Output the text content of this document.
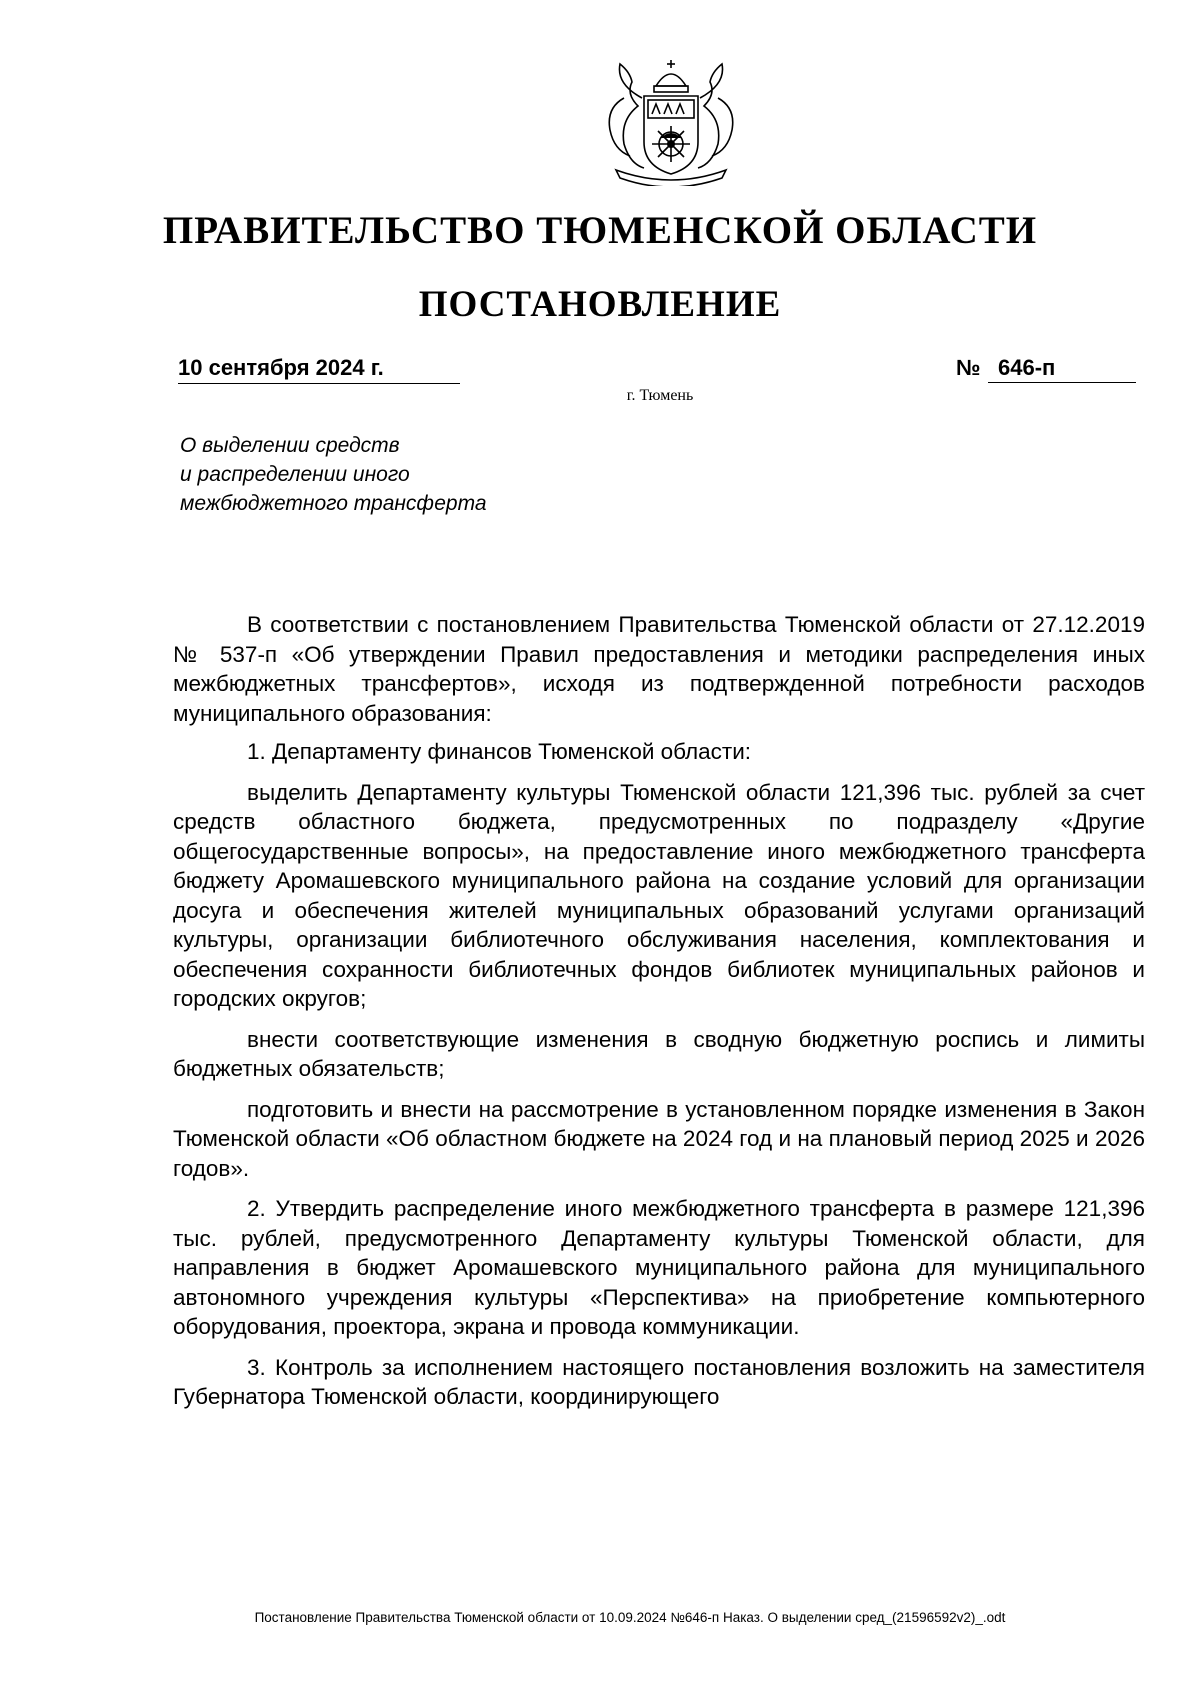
ПРАВИТЕЛЬСТВО ТЮМЕНСКОЙ ОБЛАСТИ
ПОСТАНОВЛЕНИЕ
10 сентября 2024 г.	№ 646-п
г. Тюмень
О выделении средств
и распределении иного
межбюджетного трансферта

В соответствии с постановлением Правительства Тюменской области от 27.12.2019 № 537-п «Об утверждении Правил предоставления и методики распределения иных межбюджетных трансфертов», исходя из подтвержденной потребности расходов муниципального образования:

1. Департаменту финансов Тюменской области:

выделить Департаменту культуры Тюменской области 121,396 тыс. рублей за счет средств областного бюджета, предусмотренных по подразделу «Другие общегосударственные вопросы», на предоставление иного межбюджетного трансферта бюджету Аромашевского муниципального района на создание условий для организации досуга и обеспечения жителей муниципальных образований услугами организаций культуры, организации библиотечного обслуживания населения, комплектования и обеспечения сохранности библиотечных фондов библиотек муниципальных районов и городских округов;

внести соответствующие изменения в сводную бюджетную роспись и лимиты бюджетных обязательств;

подготовить и внести на рассмотрение в установленном порядке изменения в Закон Тюменской области «Об областном бюджете на 2024 год и на плановый период 2025 и 2026 годов».

2. Утвердить распределение иного межбюджетного трансферта в размере 121,396 тыс. рублей, предусмотренного Департаменту культуры Тюменской области, для направления в бюджет Аромашевского муниципального района для муниципального автономного учреждения культуры «Перспектива» на приобретение компьютерного оборудования, проектора, экрана и провода коммуникации.

3. Контроль за исполнением настоящего постановления возложить на заместителя Губернатора Тюменской области, координирующего

Постановление Правительства Тюменской области от 10.09.2024 №646-п Наказ. О выделении сред_(21596592v2)_.odt
